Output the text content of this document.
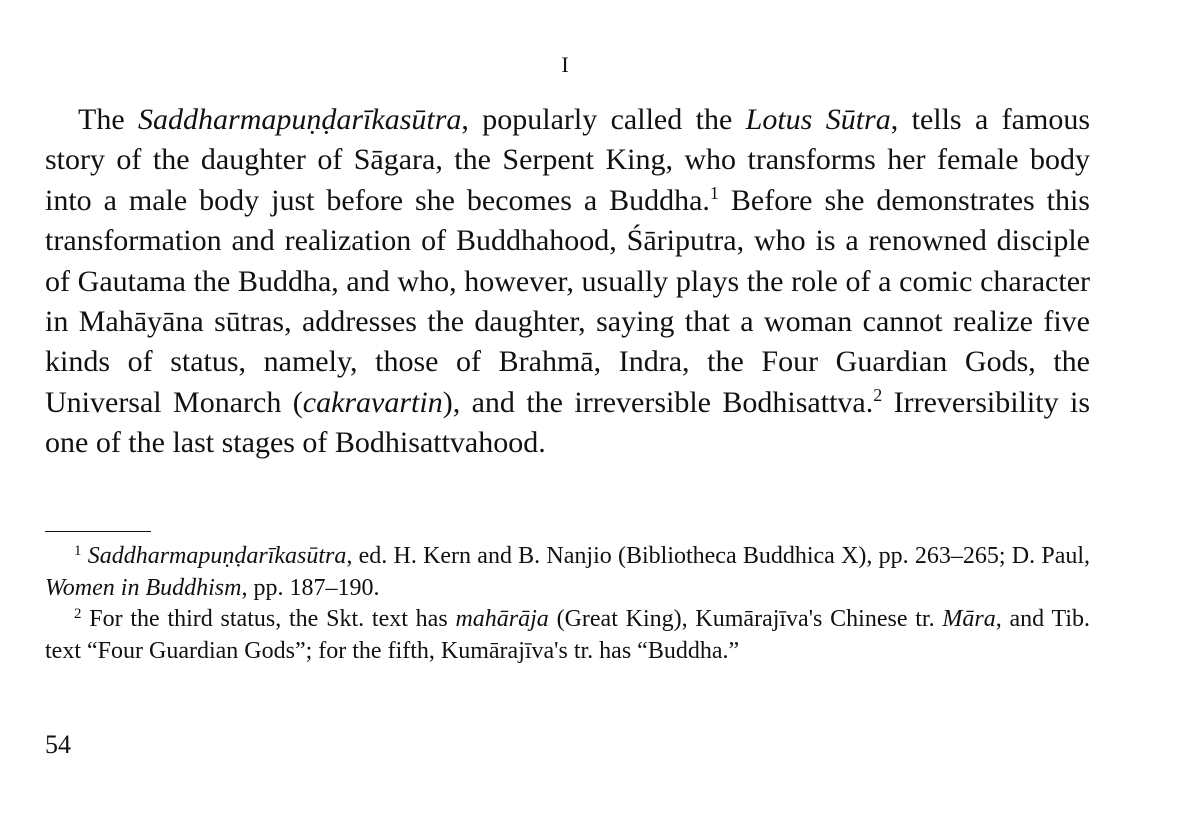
I

The Saddharmapuṇḍarīkasūtra, popularly called the Lotus Sūtra, tells a famous story of the daughter of Sāgara, the Serpent King, who transforms her female body into a male body just before she becomes a Buddha.$^1$ Before she demonstrates this transformation and realization of Buddhahood, Śāriputra, who is a renowned disciple of Gautama the Buddha, and who, however, usually plays the role of a comic character in Mahāyāna sūtras, addresses the daughter, saying that a woman cannot realize five kinds of status, namely, those of Brahmā, Indra, the Four Guardian Gods, the Universal Monarch (cakravartin), and the irreversible Bodhisattva.$^2$ Irreversibility is one of the last stages of Bodhisattvahood.

$^1$ Saddharmapuṇḍarīkasūtra, ed. H. Kern and B. Nanjio (Bibliotheca Buddhica X), pp. 263–265; D. Paul, Women in Buddhism, pp. 187–190.

$^2$ For the third status, the Skt. text has mahārāja (Great King), Kumārajīva's Chinese tr. Māra, and Tib. text “Four Guardian Gods”; for the fifth, Kumārajīva's tr. has “Buddha.”

54
